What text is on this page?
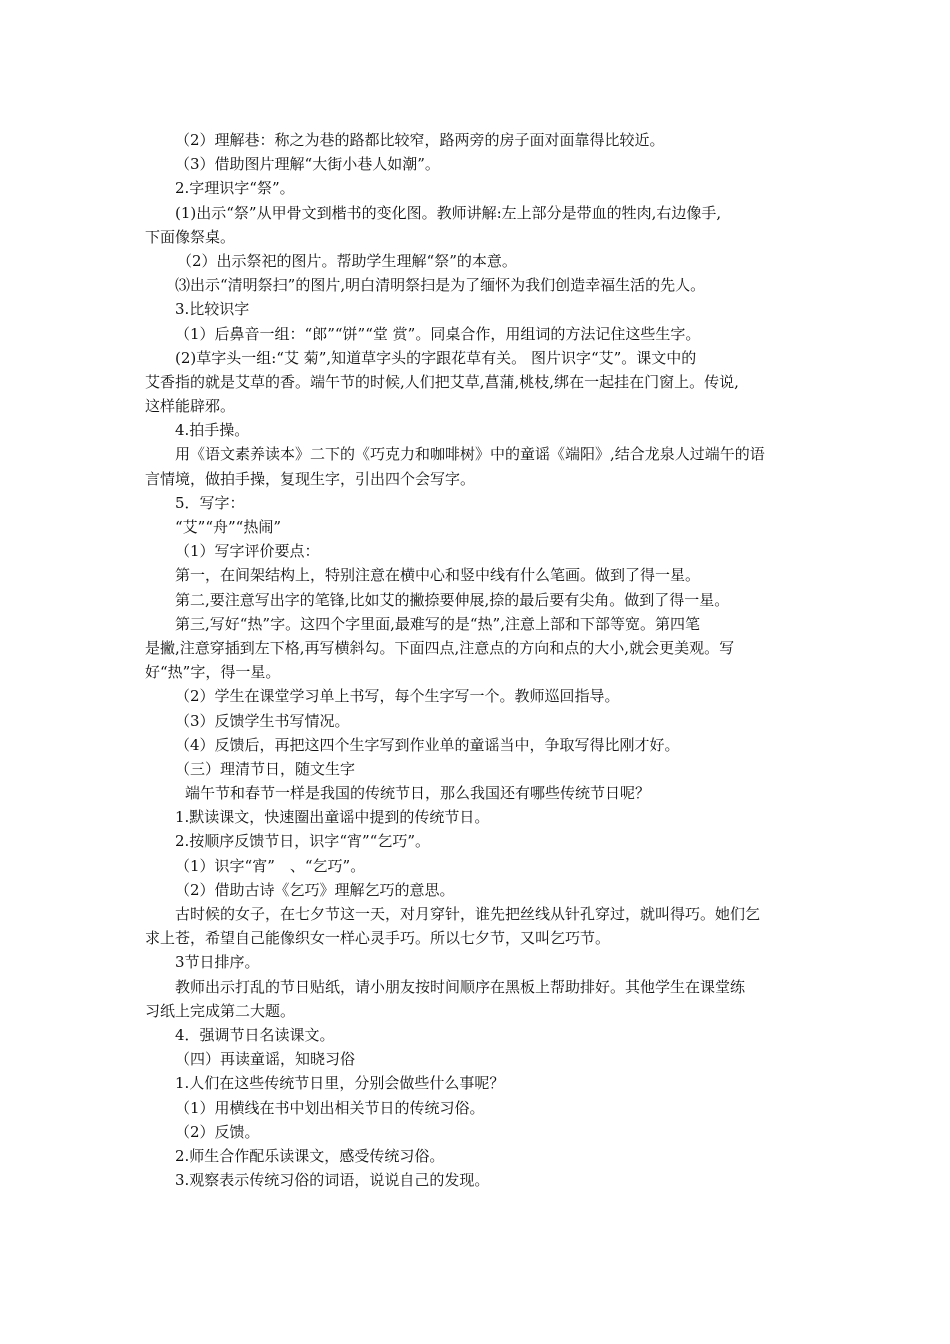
（2）理解巷：称之为巷的路都比较窄，路两旁的房子面对面靠得比较近。
（3）借助图片理解“大街小巷人如潮”。
2.字理识字“祭”。
(1)出示“祭”从甲骨文到楷书的变化图。教师讲解:左上部分是带血的牲肉,右边像手,
下面像祭桌。
（2）出示祭祀的图片。帮助学生理解“祭”的本意。
⑶出示“清明祭扫”的图片,明白清明祭扫是为了缅怀为我们创造幸福生活的先人。
3.比较识字
（1）后鼻音一组：“郎”“饼”“堂 赏”。同桌合作，用组词的方法记住这些生字。
(2)草字头一组:“艾 菊”,知道草字头的字跟花草有关。 图片识字“艾”。课文中的
艾香指的就是艾草的香。端午节的时候,人们把艾草,菖蒲,桃枝,绑在一起挂在门窗上。传说,
这样能辟邪。
4.拍手操。
用《语文素养读本》二下的《巧克力和咖啡树》中的童谣《端阳》,结合龙泉人过端午的语
言情境，做拍手操，复现生字，引出四个会写字。
5．写字：
“艾”“舟”“热闹”
（1）写字评价要点：
第一，在间架结构上，特别注意在横中心和竖中线有什么笔画。做到了得一星。
第二,要注意写出字的笔锋,比如艾的撇捺要伸展,捺的最后要有尖角。做到了得一星。
第三,写好“热”字。这四个字里面,最难写的是“热”,注意上部和下部等宽。第四笔
是撇,注意穿插到左下格,再写横斜勾。下面四点,注意点的方向和点的大小,就会更美观。写
好“热”字，得一星。
（2）学生在课堂学习单上书写，每个生字写一个。教师巡回指导。
（3）反馈学生书写情况。
（4）反馈后，再把这四个生字写到作业单的童谣当中，争取写得比刚才好。
（三）理清节日，随文生字
端午节和春节一样是我国的传统节日，那么我国还有哪些传统节日呢？
1.默读课文，快速圈出童谣中提到的传统节日。
2.按顺序反馈节日，识字“宵”“乞巧”。
（1）识字“宵”　、“乞巧”。
（2）借助古诗《乞巧》理解乞巧的意思。
古时候的女子，在七夕节这一天，对月穿针，谁先把丝线从针孔穿过，就叫得巧。她们乞
求上苍，希望自己能像织女一样心灵手巧。所以七夕节，又叫乞巧节。
3节日排序。
教师出示打乱的节日贴纸，请小朋友按时间顺序在黑板上帮助排好。其他学生在课堂练
习纸上完成第二大题。
4．强调节日名读课文。
（四）再读童谣，知晓习俗
1.人们在这些传统节日里，分别会做些什么事呢？
（1）用横线在书中划出相关节日的传统习俗。
（2）反馈。
2.师生合作配乐读课文，感受传统习俗。
3.观察表示传统习俗的词语，说说自己的发现。
